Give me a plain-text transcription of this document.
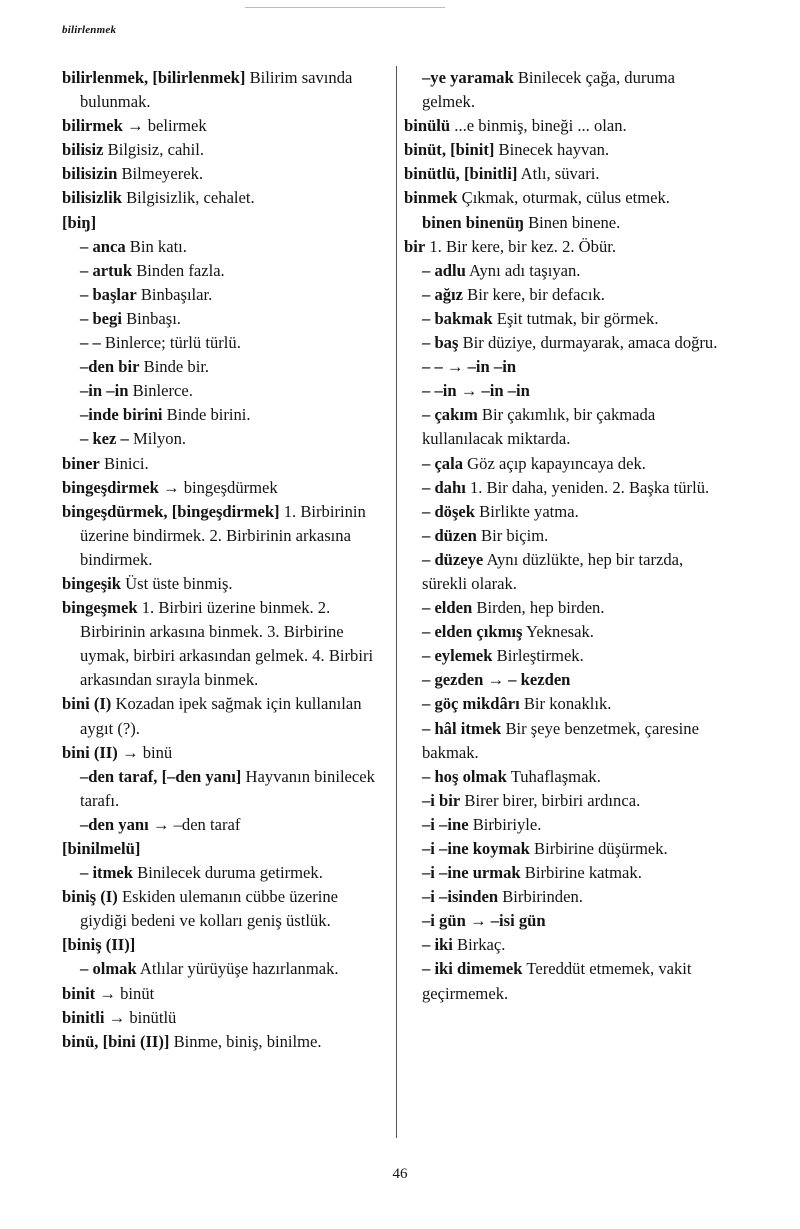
bilirlenmek
bilirlenmek, [bilirlenmek] Bilirim savında bulunmak.
bilirmek → belirmek
bilisiz Bilgisiz, cahil.
bilisizin Bilmeyerek.
bilisizlik Bilgisizlik, cehalet.
[biŋ]
– anca Bin katı.
– artuk Binden fazla.
– başlar Binbaşılar.
– begi Binbaşı.
– – Binlerce; türlü türlü.
–den bir Binde bir.
–in –in Binlerce.
–inde birini Binde birini.
– kez – Milyon.
biner Binici.
bingeşdirmek → bingeşdürmek
bingeşdürmek, [bingeşdirmek] 1. Birbirinin üzerine bindirmek. 2. Birbirinin arkasına bindirmek.
bingeşik Üst üste binmiş.
bingeşmek 1. Birbiri üzerine binmek. 2. Birbirinin arkasına binmek. 3. Birbirine uymak, birbiri arkasından gelmek. 4. Birbiri arkasından sırayla binmek.
bini (I) Kozadan ipek sağmak için kullanılan aygıt (?).
bini (II) → binü
–den taraf, [–den yanı] Hayvanın binilecek tarafı.
–den yanı → –den taraf
[binilmelü]
– itmek Binilecek duruma getirmek.
biniş (I) Eskiden ulemanın cübbe üzerine giydiği bedeni ve kolları geniş üstlük.
[biniş (II)]
– olmak Atlılar yürüyüşe hazırlanmak.
binit → binüt
binitli → binütlü
binü, [bini (II)] Binme, biniş, binilme.
–ye yaramak Binilecek çağa, duruma gelmek.
binülü ...e binmiş, bineği ... olan.
binüt, [binit] Binecek hayvan.
binütlü, [binitli] Atlı, süvari.
binmek Çıkmak, oturmak, cülus etmek.
binen binenüŋ Binen binene.
bir 1. Bir kere, bir kez. 2. Öbür.
– adlu Aynı adı taşıyan.
– ağız Bir kere, bir defacık.
– bakmak Eşit tutmak, bir görmek.
– baş Bir düziye, durmayarak, amaca doğru.
– – → –in –in
– –in → –in –in
– çakım Bir çakımlık, bir çakmada kullanılacak miktarda.
– çala Göz açıp kapayıncaya dek.
– dahı 1. Bir daha, yeniden. 2. Başka türlü.
– döşek Birlikte yatma.
– düzen Bir biçim.
– düzeye Aynı düzlükte, hep bir tarzda, sürekli olarak.
– elden Birden, hep birden.
– elden çıkmış Yeknesak.
– eylemek Birleştirmek.
– gezden → – kezden
– göç mikdârı Bir konaklık.
– hâl itmek Bir şeye benzetmek, çaresine bakmak.
– hoş olmak Tuhaflaşmak.
–i bir Birer birer, birbiri ardınca.
–i –ine Birbiriyle.
–i –ine koymak Birbirine düşürmek.
–i –ine urmak Birbirine katmak.
–i –isinden Birbirinden.
–i gün → –isi gün
– iki Birkaç.
– iki dimemek Tereddüt etmemek, vakit geçirmemek.
46
